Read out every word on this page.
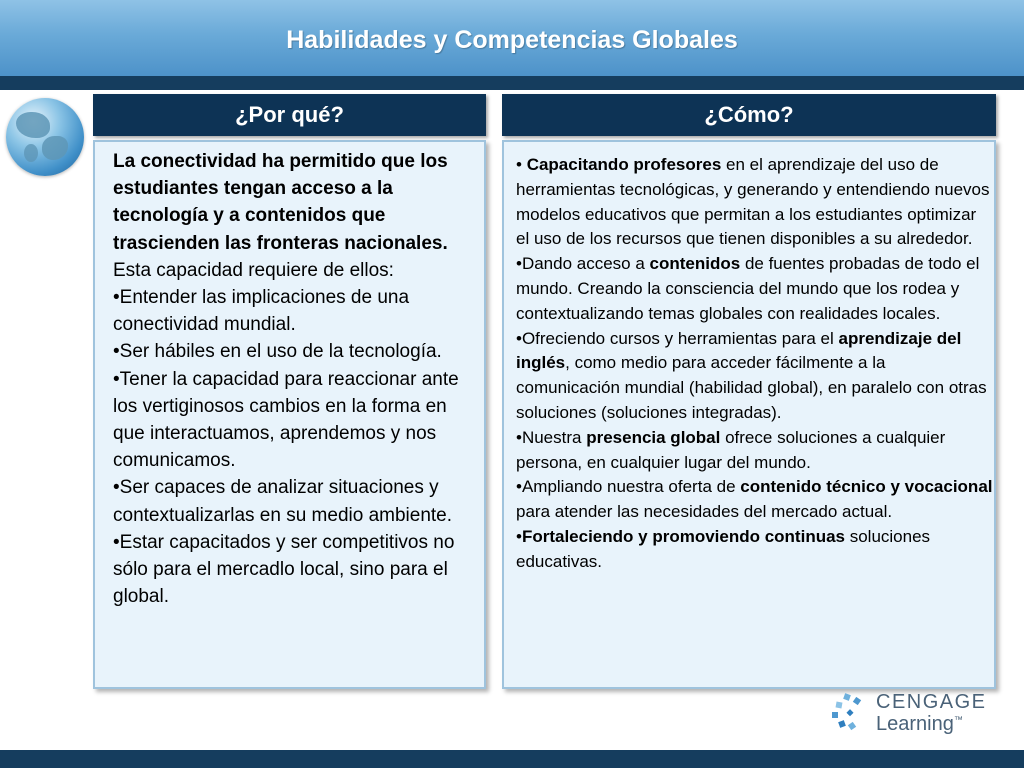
Habilidades y Competencias Globales
¿Por qué?

La conectividad ha permitido que los estudiantes tengan acceso a la tecnología y a contenidos que trascienden las fronteras nacionales.

Esta capacidad requiere de ellos:

•Entender las implicaciones de una conectividad mundial.

•Ser hábiles en el uso de la tecnología.

•Tener la capacidad para reaccionar ante los vertiginosos cambios en la forma en que interactuamos, aprendemos y nos comunicamos.

•Ser capaces de analizar situaciones y contextualizarlas en su medio ambiente.

•Estar capacitados y ser competitivos no sólo para el mercadlo local, sino para el global.

¿Cómo?

• Capacitando profesores en el aprendizaje del uso de herramientas tecnológicas, y generando y entendiendo nuevos modelos educativos que permitan a los estudiantes optimizar el uso de los recursos que tienen disponibles a su alrededor.

•Dando acceso a contenidos de fuentes probadas de todo el mundo. Creando la consciencia del mundo que los rodea y contextualizando temas globales con realidades locales.

•Ofreciendo cursos y herramientas para el aprendizaje del inglés, como medio para acceder fácilmente a la comunicación mundial (habilidad global), en paralelo con otras soluciones (soluciones integradas).

•Nuestra presencia global ofrece soluciones a cualquier persona, en cualquier lugar del mundo.

•Ampliando nuestra oferta de contenido técnico y vocacional para atender las necesidades del mercado actual.

•Fortaleciendo y promoviendo continuas soluciones educativas.

CENGAGE
Learning™
